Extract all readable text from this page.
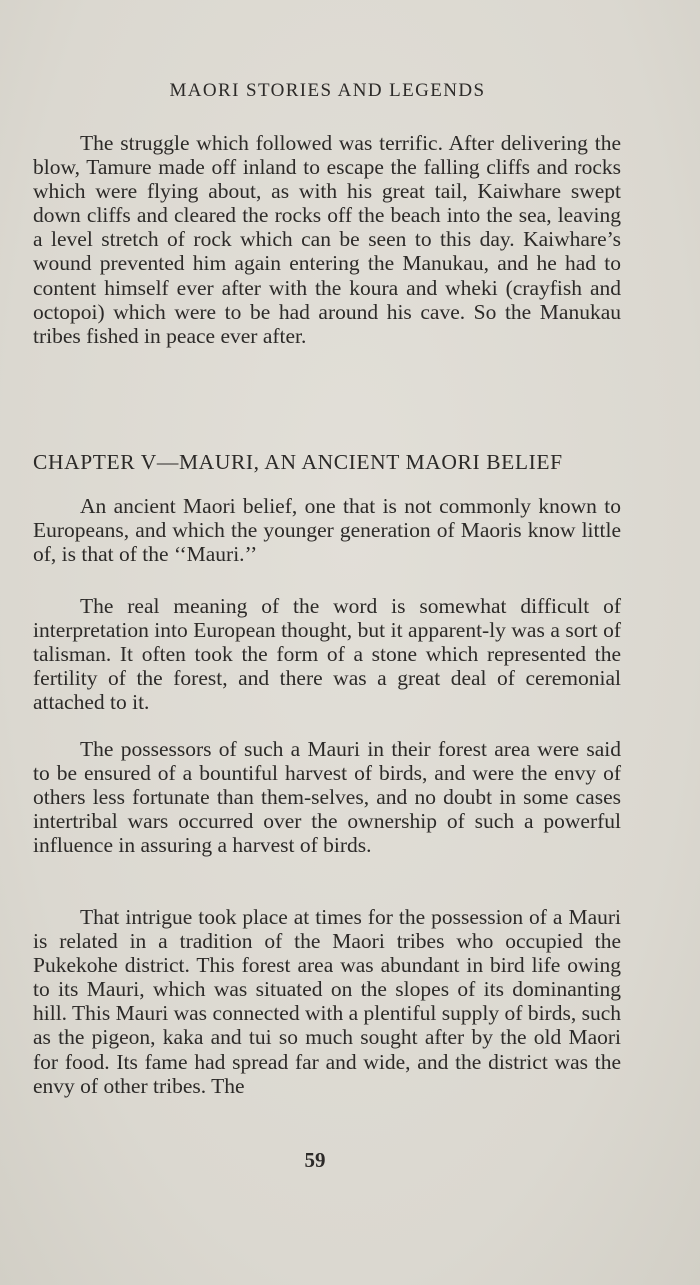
MAORI STORIES AND LEGENDS

The struggle which followed was terrific. After delivering the blow, Tamure made off inland to escape the falling cliffs and rocks which were flying about, as with his great tail, Kaiwhare swept down cliffs and cleared the rocks off the beach into the sea, leaving a level stretch of rock which can be seen to this day. Kaiwhare’s wound prevented him again entering the Manukau, and he had to content himself ever after with the koura and wheki (crayfish and octopoi) which were to be had around his cave. So the Manukau tribes fished in peace ever after.

CHAPTER V—MAURI, AN ANCIENT MAORI BELIEF

An ancient Maori belief, one that is not commonly known to Europeans, and which the younger generation of Maoris know little of, is that of the ‘‘Mauri.’’

The real meaning of the word is somewhat difficult of interpretation into European thought, but it apparent-ly was a sort of talisman. It often took the form of a stone which represented the fertility of the forest, and there was a great deal of ceremonial attached to it.

The possessors of such a Mauri in their forest area were said to be ensured of a bountiful harvest of birds, and were the envy of others less fortunate than them-selves, and no doubt in some cases intertribal wars occurred over the ownership of such a powerful influence in assuring a harvest of birds.

That intrigue took place at times for the possession of a Mauri is related in a tradition of the Maori tribes who occupied the Pukekohe district. This forest area was abundant in bird life owing to its Mauri, which was situated on the slopes of its dominanting hill. This Mauri was connected with a plentiful supply of birds, such as the pigeon, kaka and tui so much sought after by the old Maori for food. Its fame had spread far and wide, and the district was the envy of other tribes. The

59
